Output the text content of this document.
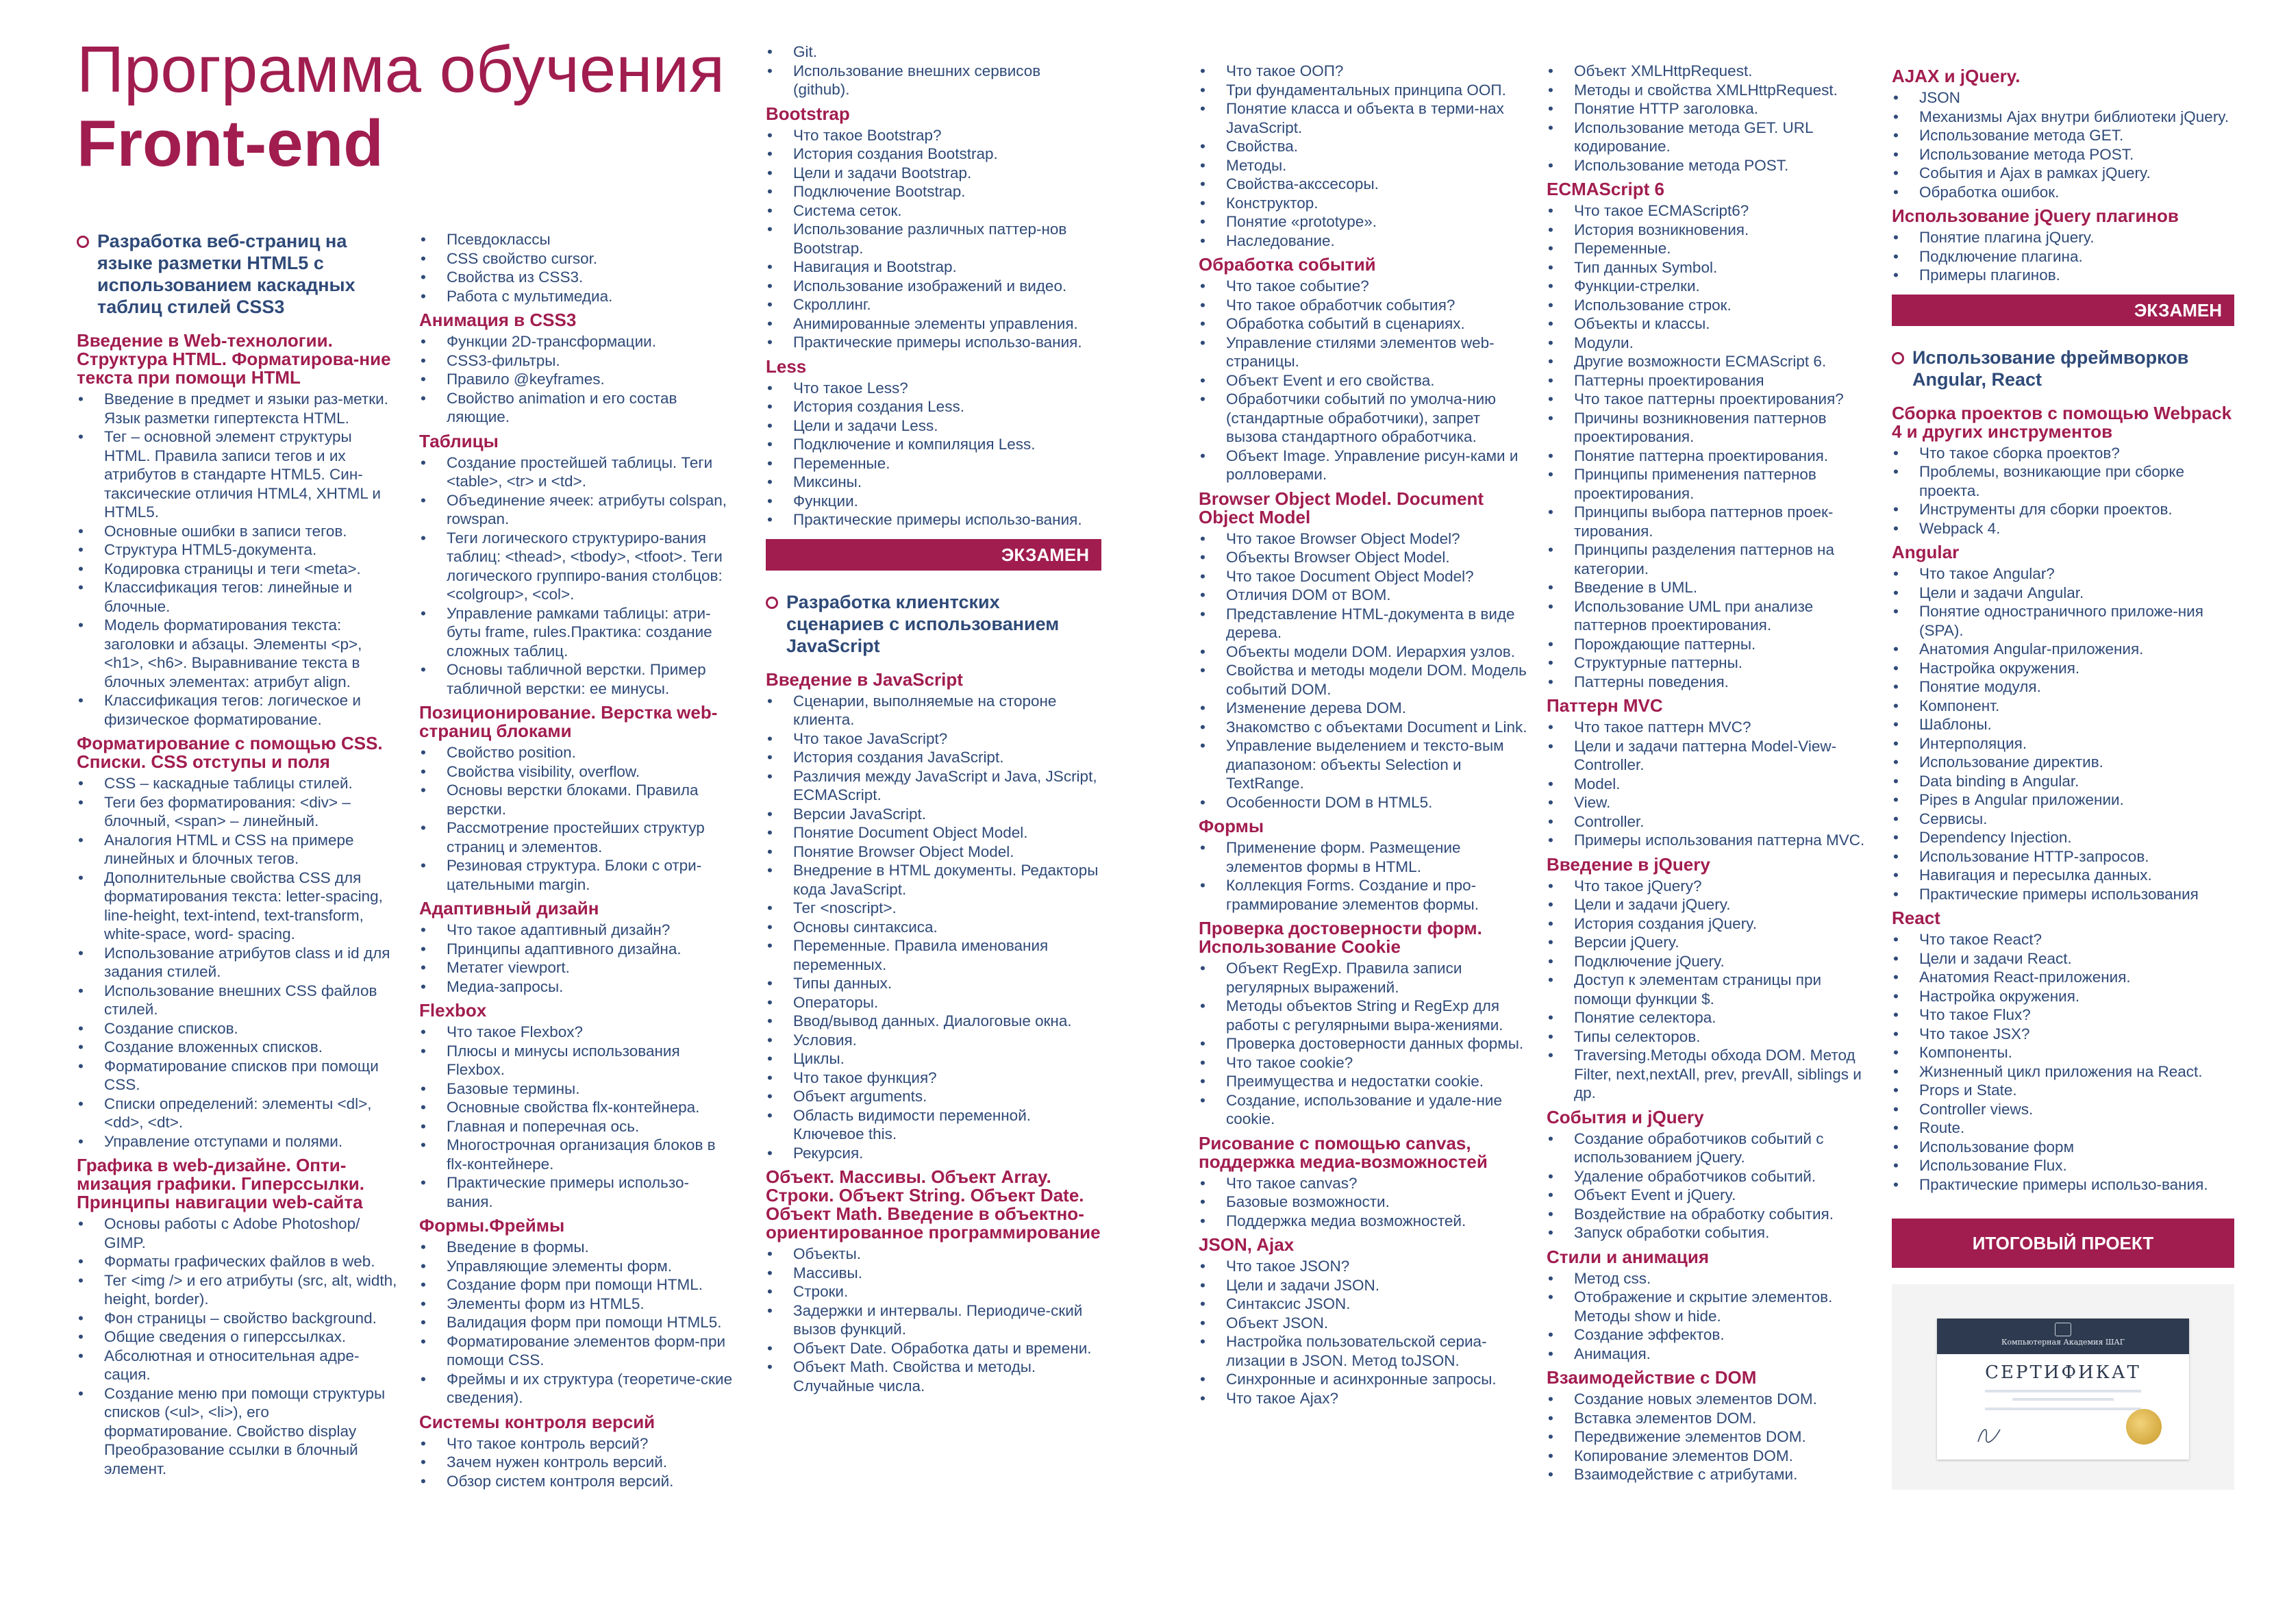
Программа обучения
Front-end
Разработка веб-страниц на языке разметки HTML5 с использованием каскадных таблиц стилей CSS3
Введение в Web-технологии. Структура HTML. Форматирова-ние текста при помощи HTML
• Введение в предмет и языки раз-метки. Язык разметки гипертекста HTML.
• Тег – основной элемент структуры HTML. Правила записи тегов и их атрибутов в стандарте HTML5. Син-таксические отличия HTML4, XHTML и HTML5.
• Основные ошибки в записи тегов.
• Структура HTML5-документа.
• Кодировка страницы и теги <meta>.
• Классификация тегов: линейные и блочные.
• Модель форматирования текста: заголовки и абзацы. Элементы <p>, <h1>, <h6>. Выравнивание текста в блочных элементах: атрибут align.
• Классификация тегов: логическое и физическое форматирование.
Форматирование с помощью CSS. Списки. CSS отступы и поля
• CSS – каскадные таблицы стилей.
• Теги без форматирования: <div> – блочный, <span> – линейный.
• Аналогия HTML и CSS на примере линейных и блочных тегов.
• Дополнительные свойства CSS для форматирования текста: letter-spacing, line-height, text-intend, text-transform, white-space, word- spacing.
• Использование атрибутов class и id для задания стилей.
• Использование внешних CSS файлов стилей.
• Создание списков.
• Создание вложенных списков.
• Форматирование списков при помощи CSS.
• Списки определений: элементы <dl>, <dd>, <dt>.
• Управление отступами и полями.
Графика в web-дизайне. Опти-мизация графики. Гиперссылки. Принципы навигации web-сайта
• Основы работы с Adobe Photoshop/ GIMP.
• Форматы графических файлов в web.
• Тег <img /> и его атрибуты (src, alt, width, height, border).
• Фон страницы – свойство background.
• Общие сведения о гиперссылках.
• Абсолютная и относительная адре-сация.
• Создание меню при помощи структуры списков (<ul>, <li>), его форматирование. Свойство display Преобразование ссылки в блочный элемент.
• Псевдоклассы
• CSS свойство cursor.
• Свойства из CSS3.
• Работа с мультимедиа.
Анимация в CSS3
• Функции 2D-трансформации.
• CSS3-фильтры.
• Правило @keyframes.
• Свойство animation и его состав ляющие.
Таблицы
• Создание простейшей таблицы. Теги <table>, <tr> и <td>.
• Объединение ячеек: атрибуты colspan, rowspan.
• Теги логического структуриро-вания таблиц: <thead>, <tbody>, <tfoot>. Теги логического группиро-вания столбцов: <colgroup>, <col>.
• Управление рамками таблицы: атри-буты frame, rules.Практика: создание сложных таблиц.
• Основы табличной верстки. Пример табличной верстки: ее минусы.
Позиционирование. Верстка web-страниц блоками
• Свойство position.
• Свойства visibility, overflow.
• Основы верстки блоками. Правила верстки.
• Рассмотрение простейших структур страниц и элементов.
• Резиновая структура. Блоки с отри-цательными margin.
Адаптивный дизайн
• Что такое адаптивный дизайн?
• Принципы адаптивного дизайна.
• Метатег viewport.
• Медиа-запросы.
Flexbox
• Что такое Flexbox?
• Плюсы и минусы использования Flexbox.
• Базовые термины.
• Основные свойства flx-контейнера.
• Главная и поперечная ось.
• Многострочная организация блоков в flx-контейнере.
• Практические примеры использо-вания.
Формы.Фреймы
• Введение в формы.
• Управляющие элементы форм.
• Создание форм при помощи HTML.
• Элементы форм из HTML5.
• Валидация форм при помощи HTML5.
• Форматирование элементов форм-при помощи CSS.
• Фреймы и их структура (теоретиче-ские сведения).
Системы контроля версий
• Что такое контроль версий?
• Зачем нужен контроль версий.
• Обзор систем контроля версий.
• Git.
• Использование внешних сервисов (github).
Bootstrap
• Что такое Bootstrap?
• История создания Bootstrap.
• Цели и задачи Bootstrap.
• Подключение Bootstrap.
• Система сеток.
• Использование различных паттер-нов Bootstrap.
• Навигация и Bootstrap.
• Использование изображений и видео.
• Скроллинг.
• Анимированные элементы управления.
• Практические примеры использо-вания.
Less
• Что такое Less?
• История создания Less.
• Цели и задачи Less.
• Подключение и компиляция Less.
• Переменные.
• Миксины.
• Функции.
• Практические примеры использо-вания.
ЭКЗАМЕН
Разработка клиентских сценариев с использованием JavaScript
Введение в JavaScript
• Сценарии, выполняемые на стороне клиента.
• Что такое JavaScript?
• История создания JavaScript.
• Различия между JavaScript и Java, JScript, ECMAScript.
• Версии JavaScript.
• Понятие Document Object Model.
• Понятие Browser Object Model.
• Внедрение в HTML документы. Редакторы кода JavaScript.
• Тег <noscript>.
• Основы синтаксиса.
• Переменные. Правила именования переменных.
• Типы данных.
• Операторы.
• Ввод/вывод данных. Диалоговые окна.
• Условия.
• Циклы.
• Что такое функция?
• Объект arguments.
• Область видимости переменной. Ключевое this.
• Рекурсия.
Объект. Массивы. Объект Array. Строки. Объект String. Объект Date. Объект Math. Введение в объектно-ориентированное программирование
• Объекты.
• Массивы.
• Строки.
• Задержки и интервалы. Периодиче-ский вызов функций.
• Объект Date. Обработка даты и времени.
• Объект Math. Свойства и методы. Случайные числа.
• Что такое ООП?
• Три фундаментальных принципа ООП.
• Понятие класса и объекта в терми-нах JavaScript.
• Свойства.
• Методы.
• Свойства-акссесоры.
• Конструктор.
• Понятие «prototype».
• Наследование.
Обработка событий
• Что такое событие?
• Что такое обработчик события?
• Обработка событий в сценариях.
• Управление стилями элементов web-страницы.
• Объект Event и его свойства.
• Обработчики событий по умолча-нию (стандартные обработчики), запрет вызова стандартного обработчика.
• Объект Image. Управление рисун-ками и ролловерами.
Browser Object Model. Document Object Model
• Что такое Browser Object Model?
• Объекты Browser Object Model.
• Что такое Document Object Model?
• Отличия DOM от BOM.
• Представление HTML-документа в виде дерева.
• Объекты модели DOM. Иерархия узлов.
• Свойства и методы модели DOM. Модель событий DOM.
• Изменение дерева DOM.
• Знакомство с объектами Document и Link.
• Управление выделением и тексто-вым диапазоном: объекты Selection и TextRange.
• Особенности DOM в HTML5.
Формы
• Применение форм. Размещение элементов формы в HTML.
• Коллекция Forms. Создание и про-граммирование элементов формы.
Проверка достоверности форм. Использование Cookie
• Объект RegExp. Правила записи регулярных выражений.
• Методы объектов String и RegExp для работы с регулярными выра-жениями.
• Проверка достоверности данных формы.
• Что такое cookie?
• Преимущества и недостатки cookie.
• Создание, использование и удале-ние cookie.
Рисование с помощью canvas, поддержка медиа-возможностей
• Что такое canvas?
• Базовые возможности.
• Поддержка медиа возможностей.
JSON, Ajax
• Что такое JSON?
• Цели и задачи JSON.
• Синтаксис JSON.
• Объект JSON.
• Настройка пользовательской сериа-лизации в JSON. Метод toJSON.
• Синхронные и асинхронные запросы.
• Что такое Ajax?
• Объект XMLHttpRequest.
• Методы и свойства XMLHttpRequest.
• Понятие HTTP заголовка.
• Использование метода GET. URL кодирование.
• Использование метода POST.
ECMAScript 6
• Что такое ECMAScript6?
• История возникновения.
• Переменные.
• Тип данных Symbol.
• Функции-стрелки.
• Использование строк.
• Объекты и классы.
• Модули.
• Другие возможности ECMAScript 6.
• Паттерны проектирования
• Что такое паттерны проектирования?
• Причины возникновения паттернов проектирования.
• Понятие паттерна проектирования.
• Принципы применения паттернов проектирования.
• Принципы выбора паттернов проек-тирования.
• Принципы разделения паттернов на категории.
• Введение в UML.
• Использование UML при анализе паттернов проектирования.
• Порождающие паттерны.
• Структурные паттерны.
• Паттерны поведения.
Паттерн MVC
• Что такое паттерн MVC?
• Цели и задачи паттерна Model-View-Controller.
• Model.
• View.
• Controller.
• Примеры использования паттерна MVC.
Введение в jQuery
• Что такое jQuery?
• Цели и задачи jQuery.
• История создания jQuery.
• Версии jQuery.
• Подключение jQuery.
• Доступ к элементам страницы при помощи функции $.
• Понятие селектора.
• Типы селекторов.
• Traversing.Методы обхода DOM. Метод Filter, next,nextAll, prev, prevAll, siblings и др.
События и jQuery
• Создание обработчиков событий с использованием jQuery.
• Удаление обработчиков событий.
• Объект Event и jQuery.
• Воздействие на обработку события.
• Запуск обработки события.
Стили и анимация
• Метод css.
• Отображение и скрытие элементов. Методы show и hide.
• Создание эффектов.
• Анимация.
Взаимодействие с DOM
• Создание новых элементов DOM.
• Вставка элементов DOM.
• Передвижение элементов DOM.
• Копирование элементов DOM.
• Взаимодействие с атрибутами.
AJAX и jQuery.
• JSON
• Механизмы Ajax внутри библиотеки jQuery.
• Использование метода GET.
• Использование метода POST.
• События и Ajax в рамках jQuery.
• Обработка ошибок.
Использование jQuery плагинов
• Понятие плагина jQuery.
• Подключение плагина.
• Примеры плагинов.
ЭКЗАМЕН
Использование фреймворков Angular, React
Сборка проектов с помощью Webpack 4 и других инструментов
• Что такое сборка проектов?
• Проблемы, возникающие при сборке проекта.
• Инструменты для сборки проектов.
• Webpack 4.
Angular
• Что такое Angular?
• Цели и задачи Angular.
• Понятие одностраничного приложе-ния (SPA).
• Анатомия Angular-приложения.
• Настройка окружения.
• Понятие модуля.
• Компонент.
• Шаблоны.
• Интерполяция.
• Использование директив.
• Data binding в Angular.
• Pipes в Angular приложении.
• Сервисы.
• Dependency Injection.
• Использование HTTP-запросов.
• Навигация и пересылка данных.
• Практические примеры использования
React
• Что такое React?
• Цели и задачи React.
• Анатомия React-приложения.
• Настройка окружения.
• Что такое Flux?
• Что такое JSX?
• Компоненты.
• Жизненный цикл приложения на React.
• Props и State.
• Controller views.
• Route.
• Использование форм
• Использование Flux.
• Практические примеры использо-вания.
ИТОГОВЫЙ ПРОЕКТ
Компьютерная Академия ШАГ
СЕРТИФИКАТ
